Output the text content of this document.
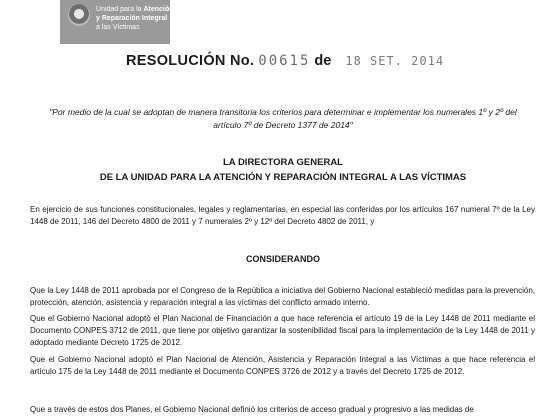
Unidad para la Atención
y Reparación Integral
a las Víctimas
RESOLUCIÓN No. 00615 de 18 SET. 2014
"Por medio de la cual se adoptan de manera transitoria los criterios para determinar e implementar los numerales 1º y 2º del artículo 7º de Decreto 1377 de 2014"
LA DIRECTORA GENERAL
DE LA UNIDAD PARA LA ATENCIÓN Y REPARACIÓN INTEGRAL A LAS VÍCTIMAS
En ejercicio de sus funciones constitucionales, legales y reglamentarias, en especial las conferidas por los artículos 167 numeral 7º de la Ley 1448 de 2011, 146 del Decreto 4800 de 2011 y 7 numerales 2º y 12º del Decreto 4802 de 2011, y
CONSIDERANDO
Que la Ley 1448 de 2011 aprobada por el Congreso de la República a iniciativa del Gobierno Nacional estableció medidas para la prevención, protección, atención, asistencia y reparación integral a las víctimas del conflicto armado interno.
Que el Gobierno Nacional adoptó el Plan Nacional de Financiación a que hace referencia el artículo 19 de la Ley 1448 de 2011 mediante el Documento CONPES 3712 de 2011, que tiene por objetivo garantizar la sostenibilidad fiscal para la implementación de la Ley 1448 de 2011 y adoptado mediante Decreto 1725 de 2012.
Que el Gobierno Nacional adoptó el Plan Nacional de Atención, Asistencia y Reparación Integral a las Víctimas a que hace referencia el artículo 175 de la Ley 1448 de 2011 mediante el Documento CONPES 3726 de 2012 y a través del Decreto 1725 de 2012.
Que a través de estos dos Planes, el Gobierno Nacional definió los criterios de acceso gradual y progresivo a las medidas de
